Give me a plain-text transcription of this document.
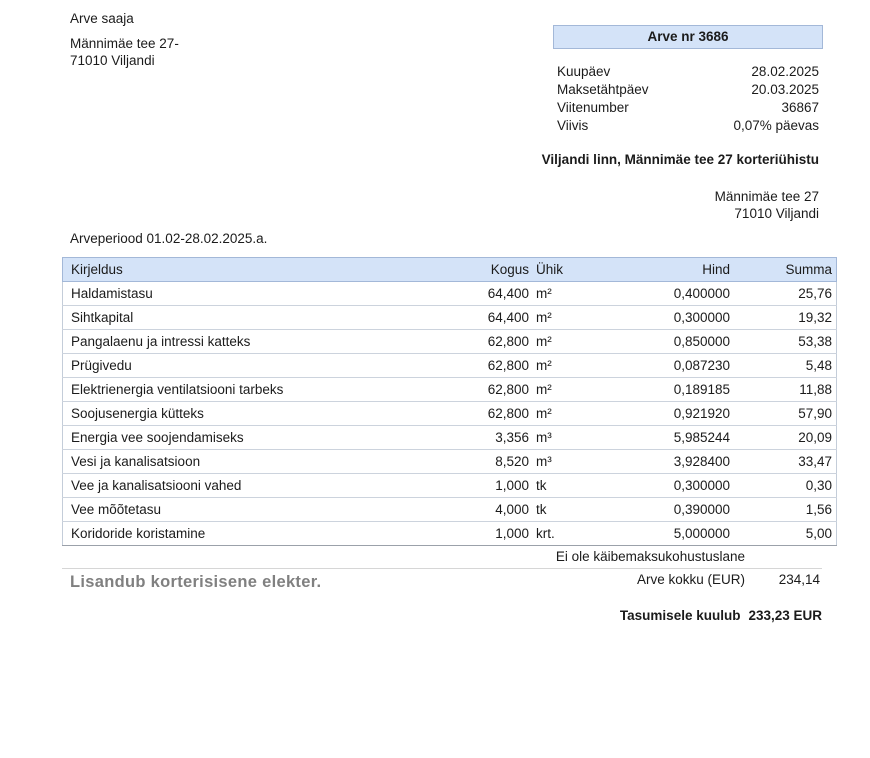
Arve saaja
Männimäe tee 27-
71010 Viljandi
Arve nr 3686
Kuupäev	28.02.2025
Maksetähtpäev	20.03.2025
Viitenumber	36867
Viivis	0,07% päevas
Viljandi linn, Männimäe tee 27 korteriühistu
Männimäe tee 27
71010 Viljandi
Arveperiood 01.02-28.02.2025.a.
Kirjeldus	Kogus	Ühik	Hind	Summa
Haldamistasu	64,400	m²	0,400000	25,76
Sihtkapital	64,400	m²	0,300000	19,32
Pangalaenu ja intressi katteks	62,800	m²	0,850000	53,38
Prügivedu	62,800	m²	0,087230	5,48
Elektrienergia ventilatsiooni tarbeks	62,800	m²	0,189185	11,88
Soojusenergia kütteks	62,800	m²	0,921920	57,90
Energia vee soojendamiseks	3,356	m³	5,985244	20,09
Vesi ja kanalisatsioon	8,520	m³	3,928400	33,47
Vee ja kanalisatsiooni vahed	1,000	tk	0,300000	0,30
Vee mõõtetasu	4,000	tk	0,390000	1,56
Koridoride koristamine	1,000	krt.	5,000000	5,00
Ei ole käibemaksukohustuslane
Lisandub korterisisene elekter.	Arve kokku (EUR) 234,14
Tasumisele kuulub 233,23 EUR
